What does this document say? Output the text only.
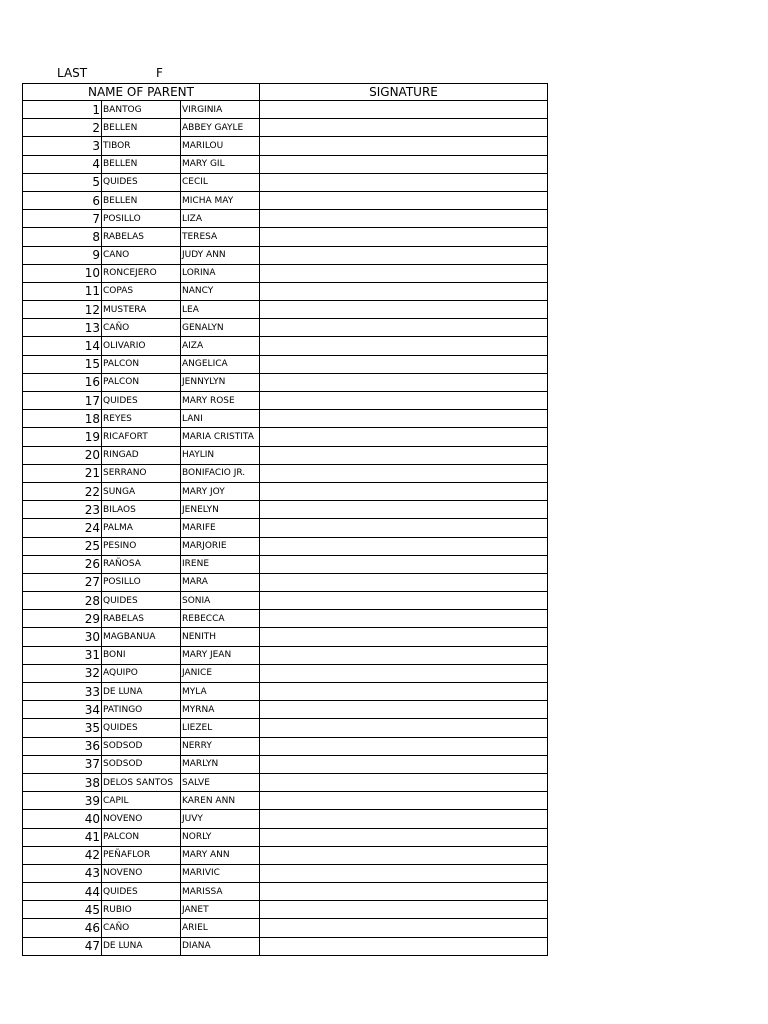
LAST	F
NAME OF PARENT			SIGNATURE
1	BANTOG	VIRGINIA	
2	BELLEN	ABBEY GAYLE	
3	TIBOR	MARILOU	
4	BELLEN	MARY GIL	
5	QUIDES	CECIL	
6	BELLEN	MICHA MAY	
7	POSILLO	LIZA	
8	RABELAS	TERESA	
9	CANO	JUDY ANN	
10	RONCEJERO	LORINA	
11	COPAS	NANCY	
12	MUSTERA	LEA	
13	CAÑO	GENALYN	
14	OLIVARIO	AIZA	
15	PALCON	ANGELICA	
16	PALCON	JENNYLYN	
17	QUIDES	MARY ROSE	
18	REYES	LANI	
19	RICAFORT	MARIA CRISTITA	
20	RINGAD	HAYLIN	
21	SERRANO	BONIFACIO JR.	
22	SUNGA	MARY JOY	
23	BILAOS	JENELYN	
24	PALMA	MARIFE	
25	PESINO	MARJORIE	
26	RAÑOSA	IRENE	
27	POSILLO	MARA	
28	QUIDES	SONIA	
29	RABELAS	REBECCA	
30	MAGBANUA	NENITH	
31	BONI	MARY JEAN	
32	AQUIPO	JANICE	
33	DE LUNA	MYLA	
34	PATINGO	MYRNA	
35	QUIDES	LIEZEL	
36	SODSOD	NERRY	
37	SODSOD	MARLYN	
38	DELOS SANTOS	SALVE	
39	CAPIL	KAREN ANN	
40	NOVENO	JUVY	
41	PALCON	NORLY	
42	PEÑAFLOR	MARY ANN	
43	NOVENO	MARIVIC	
44	QUIDES	MARISSA	
45	RUBIO	JANET	
46	CAÑO	ARIEL	
47	DE LUNA	DIANA	
